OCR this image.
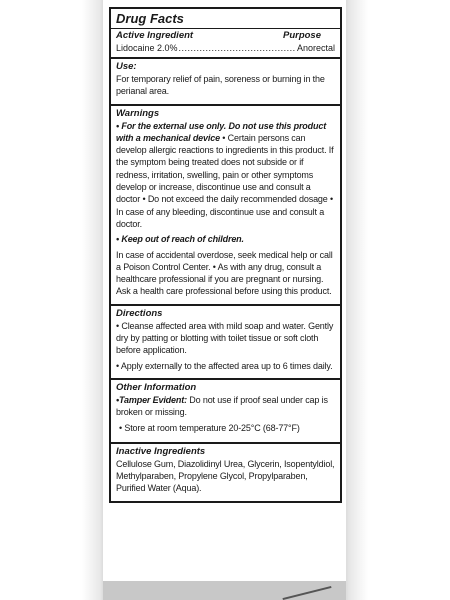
Drug Facts
Active Ingredient	Purpose
Lidocaine 2.0%
.....	Anorectal
Use:

For temporary relief of pain, soreness or burning in the perianal area.

Warnings

• For the external use only. Do not use this product with a mechanical device • Certain persons can develop allergic reactions to ingredients in this product. If the symptom being treated does not subside or if redness, irritation, swelling, pain or other symptoms develop or increase, discontinue use and consult a doctor • Do not exceed the daily recommended dosage • In case of any bleeding, discontinue use and consult a doctor.

• Keep out of reach of children.

In case of accidental overdose, seek medical help or call a Poison Control Center. • As with any drug, consult a healthcare professional if you are pregnant or nursing. Ask a health care professional before using this product.

Directions

• Cleanse affected area with mild soap and water. Gently dry by patting or blotting with toilet tissue or soft cloth before application.

• Apply externally to the affected area up to 6 times daily.

Other Information

•Tamper Evident: Do not use if proof seal under cap is broken or missing.

• Store at room temperature 20-25°C (68-77°F)

Inactive Ingredients

Cellulose Gum, Diazolidinyl Urea, Glycerin, Isopentyldiol, Methylparaben, Propylene Glycol, Propylparaben, Purified Water (Aqua).
